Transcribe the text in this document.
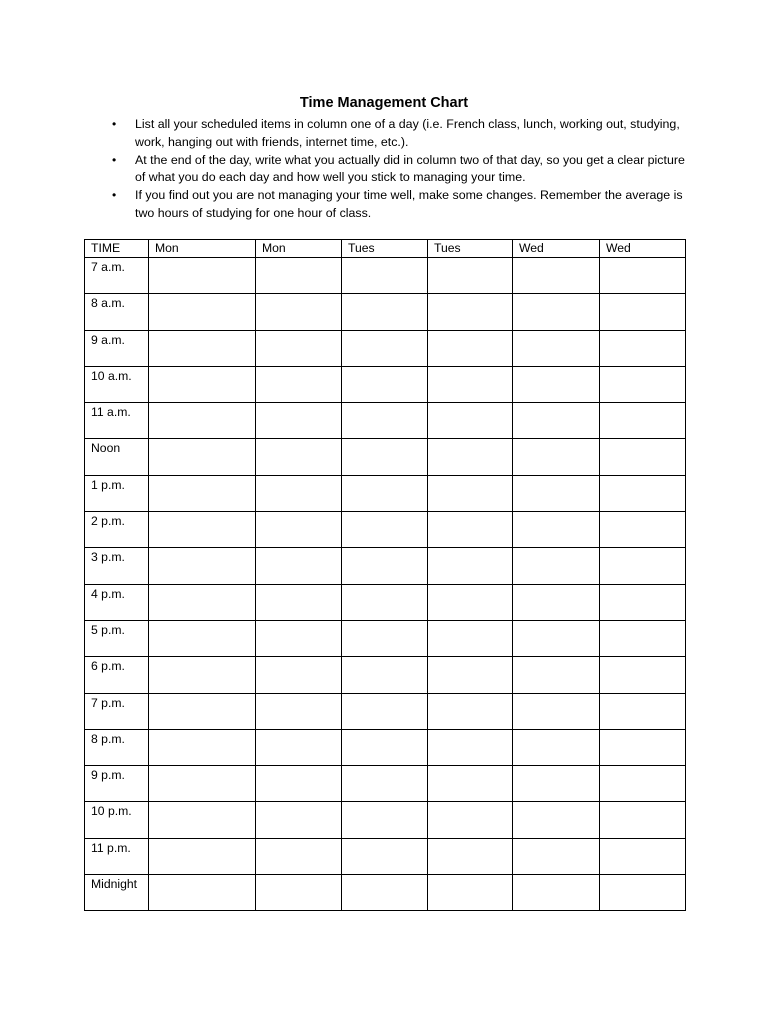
Time Management Chart
• List all your scheduled items in column one of a day (i.e. French class, lunch, working out, studying, work, hanging out with friends, internet time, etc.).
• At the end of the day, write what you actually did in column two of that day, so you get a clear picture of what you do each day and how well you stick to managing your time.
• If you find out you are not managing your time well, make some changes. Remember the average is two hours of studying for one hour of class.
TIME	Mon	Mon	Tues	Tues	Wed	Wed
7 a.m.						
8 a.m.						
9 a.m.						
10 a.m.						
11 a.m.						
Noon						
1 p.m.						
2 p.m.						
3 p.m.						
4 p.m.						
5 p.m.						
6 p.m.						
7 p.m.						
8 p.m.						
9 p.m.						
10 p.m.						
11 p.m.						
Midnight						
